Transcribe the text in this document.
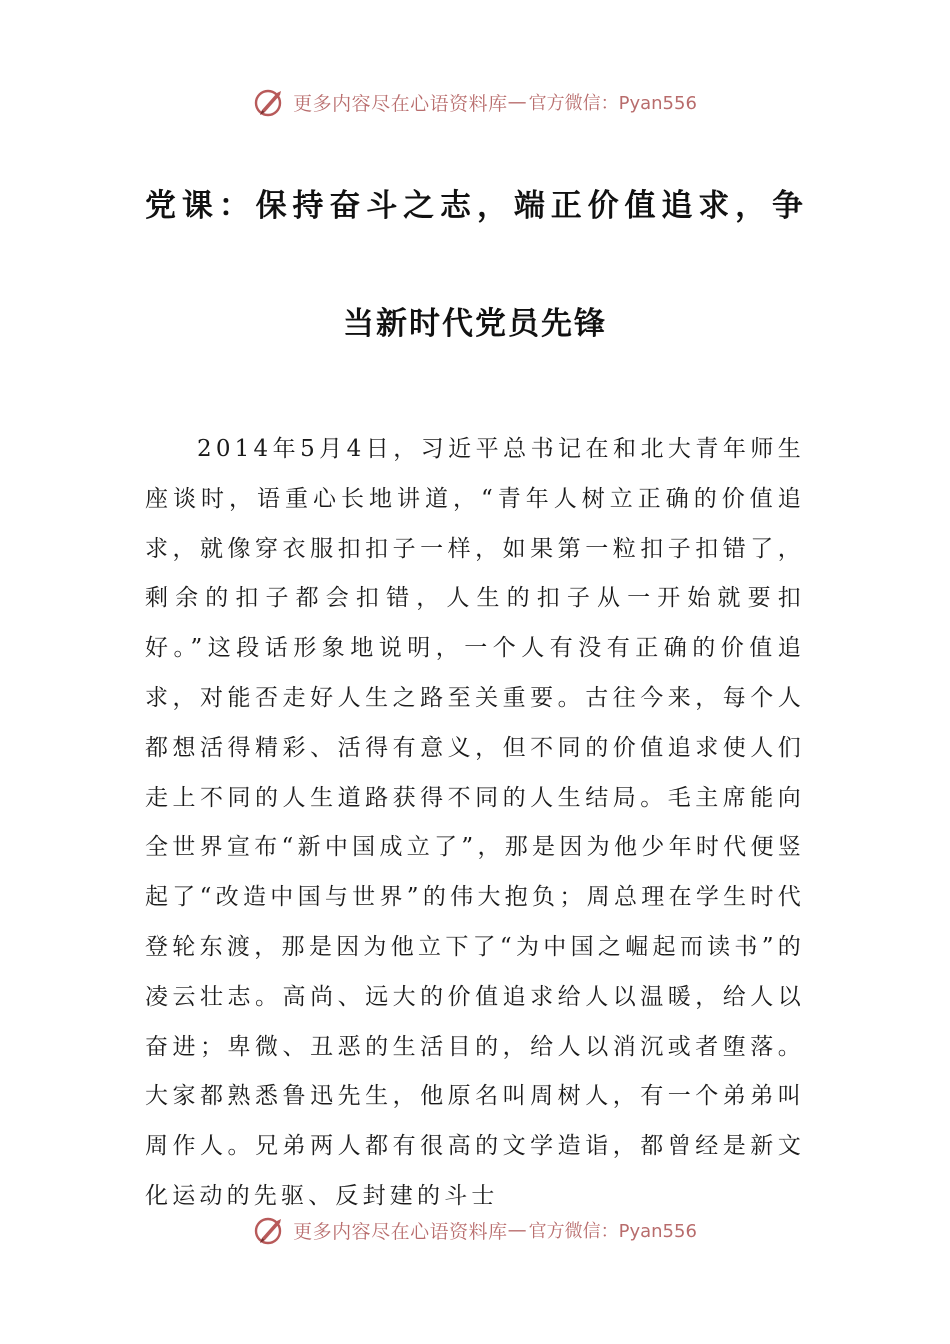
更多内容尽在心语资料库 — 官方微信：Pyan556
党课：保持奋斗之志，端正价值追求，争
当新时代党员先锋

2014年5月4日，习近平总书记在和北大青年师生座谈时，语重心长地讲道，“青年人树立正确的价值追求，就像穿衣服扣扣子一样，如果第一粒扣子扣错了，剩余的扣子都会扣错，人生的扣子从一开始就要扣好。”这段话形象地说明，一个人有没有正确的价值追求，对能否走好人生之路至关重要。古往今来，每个人都想活得精彩、活得有意义，但不同的价值追求使人们走上不同的人生道路获得不同的人生结局。毛主席能向全世界宣布“新中国成立了”，那是因为他少年时代便竖起了“改造中国与世界”的伟大抱负；周总理在学生时代登轮东渡，那是因为他立下了“为中国之崛起而读书”的凌云壮志。高尚、远大的价值追求给人以温暖，给人以奋进；卑微、丑恶的生活目的，给人以消沉或者堕落。大家都熟悉鲁迅先生，他原名叫周树人，有一个弟弟叫周作人。兄弟两人都有很高的文学造诣，都曾经是新文化运动的先驱、反封建的斗士

更多内容尽在心语资料库 — 官方微信：Pyan556
